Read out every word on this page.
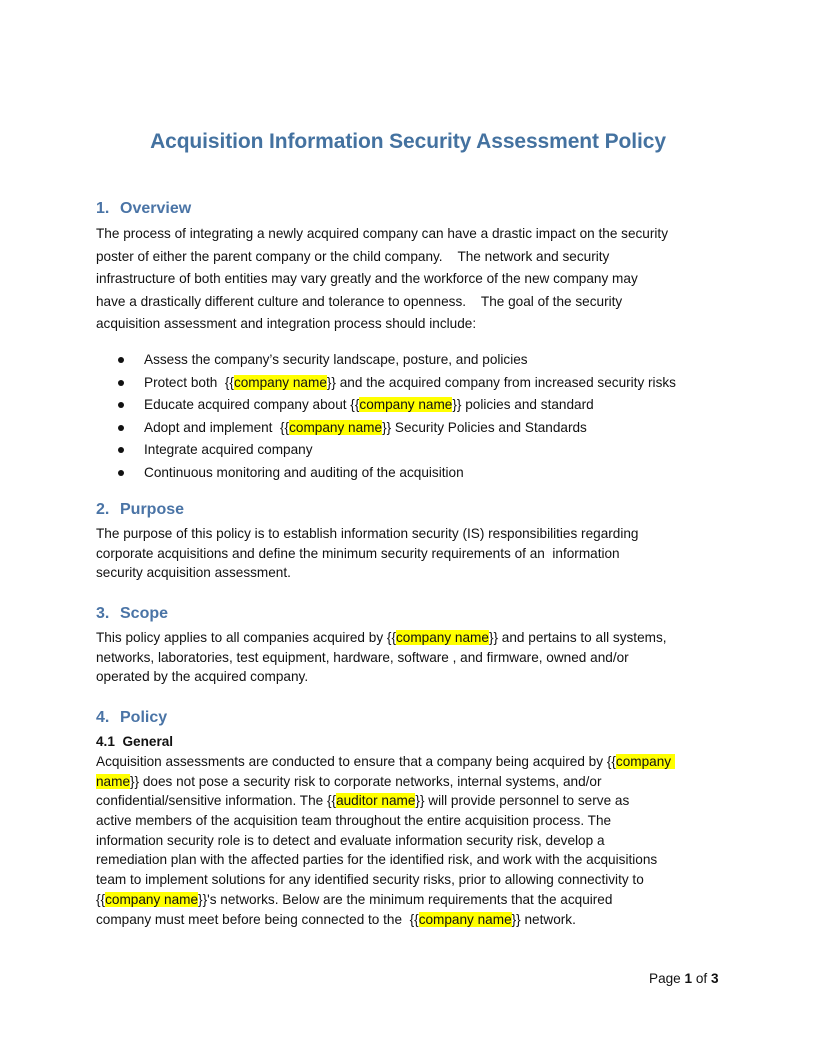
Acquisition Information Security Assessment Policy
1. Overview
The process of integrating a newly acquired company can have a drastic impact on the security
poster of either the parent company or the child company.    The network and security
infrastructure of both entities may vary greatly and the workforce of the new company may
have a drastically different culture and tolerance to openness.    The goal of the security
acquisition assessment and integration process should include:
Assess the company’s security landscape, posture, and policies
Protect both  {{company name}} and the acquired company from increased security risks
Educate acquired company about {{company name}} policies and standard
Adopt and implement  {{company name}} Security Policies and Standards
Integrate acquired company
Continuous monitoring and auditing of the acquisition
2. Purpose
The purpose of this policy is to establish information security (IS) responsibilities regarding
corporate acquisitions and define the minimum security requirements of an  information
security acquisition assessment.
3. Scope
This policy applies to all companies acquired by {{company name}} and pertains to all systems,
networks, laboratories, test equipment, hardware, software , and firmware, owned and/or
operated by the acquired company.
4. Policy
4.1  General
Acquisition assessments are conducted to ensure that a company being acquired by {{company
name}} does not pose a security risk to corporate networks, internal systems, and/or
confidential/sensitive information. The {{auditor name}} will provide personnel to serve as
active members of the acquisition team throughout the entire acquisition process. The
information security role is to detect and evaluate information security risk, develop a
remediation plan with the affected parties for the identified risk, and work with the acquisitions
team to implement solutions for any identified security risks, prior to allowing connectivity to
{{company name}}'s networks. Below are the minimum requirements that the acquired
company must meet before being connected to the  {{company name}} network.
Page 1 of 3
